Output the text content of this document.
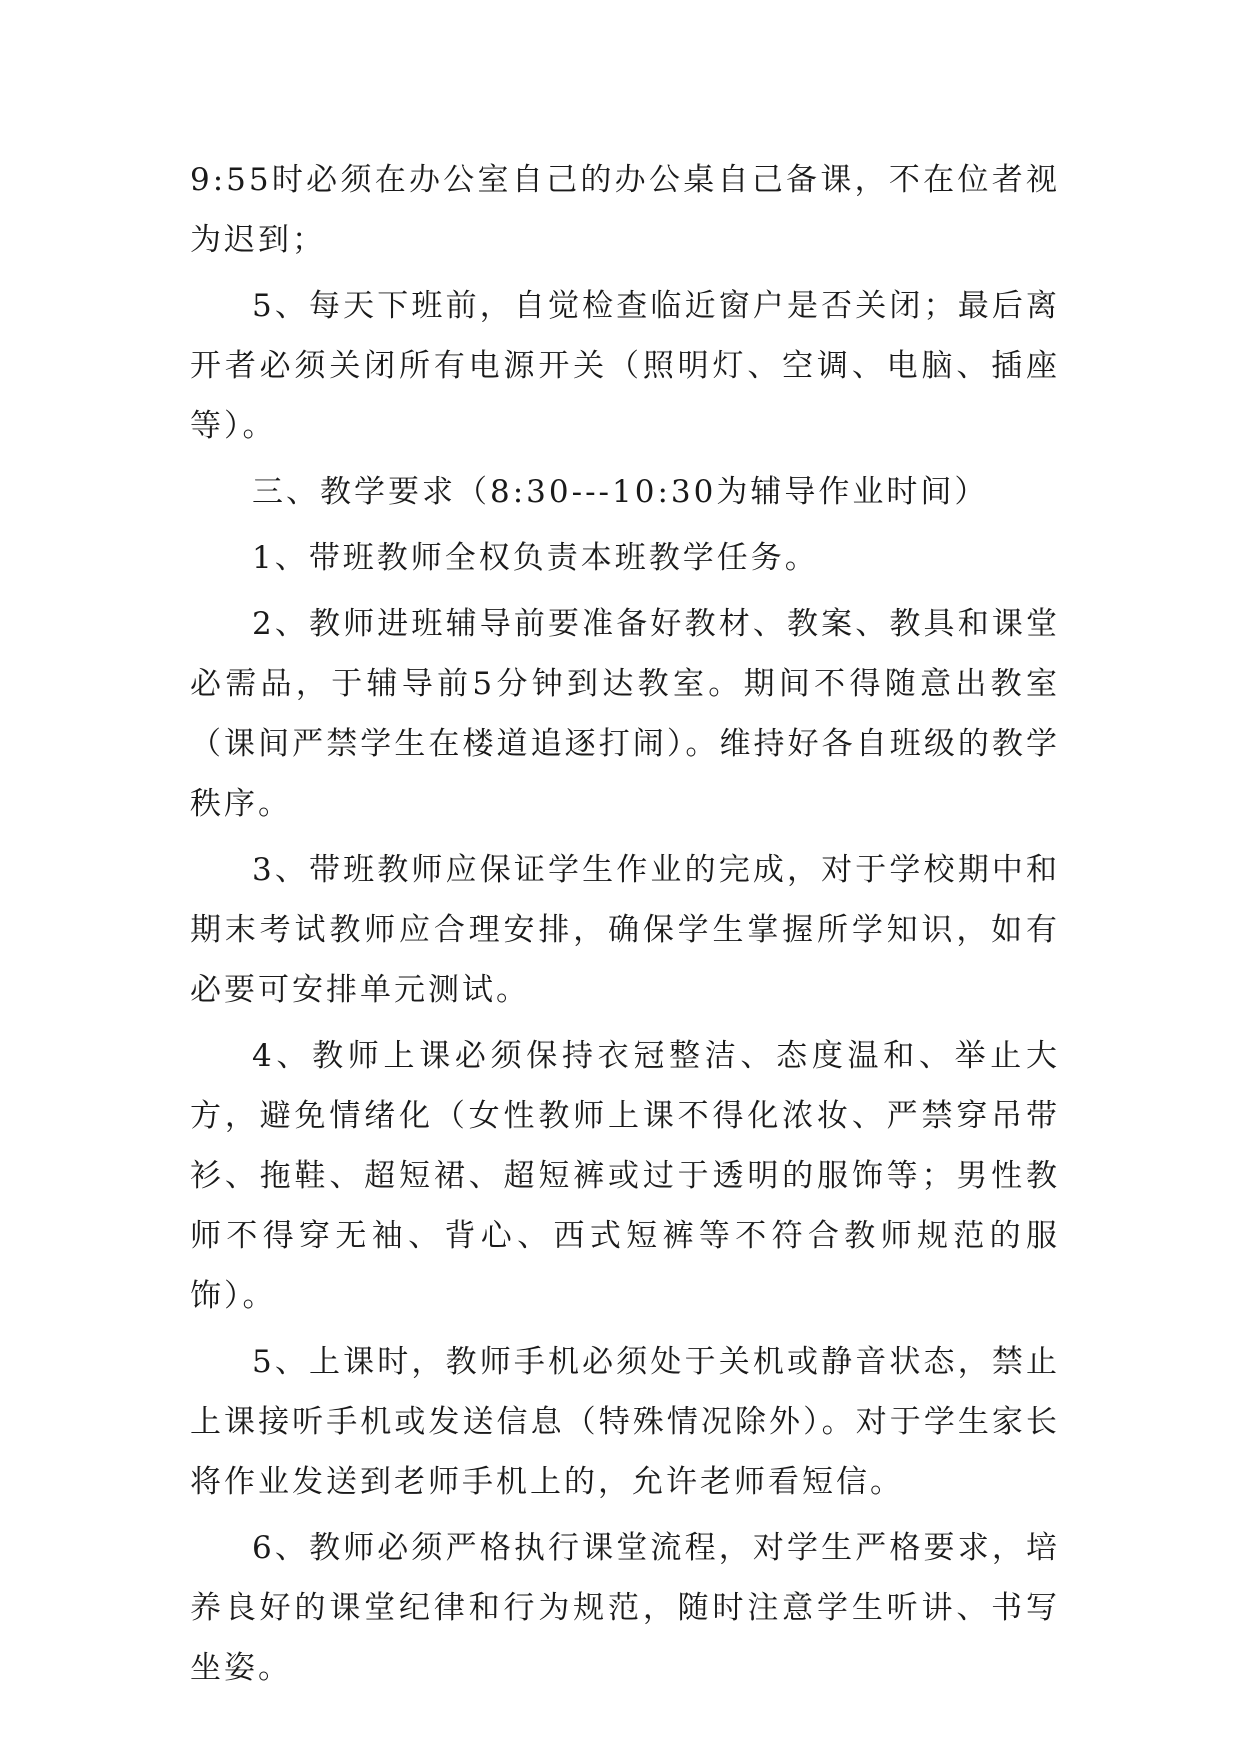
9:55时必须在办公室自己的办公桌自己备课，不在位者视为迟到；

5、每天下班前，自觉检查临近窗户是否关闭；最后离开者必须关闭所有电源开关（照明灯、空调、电脑、插座等）。

三、教学要求（8:30---10:30为辅导作业时间）

1、带班教师全权负责本班教学任务。

2、教师进班辅导前要准备好教材、教案、教具和课堂必需品，于辅导前5分钟到达教室。期间不得随意出教室（课间严禁学生在楼道追逐打闹）。维持好各自班级的教学秩序。

3、带班教师应保证学生作业的完成，对于学校期中和期末考试教师应合理安排，确保学生掌握所学知识，如有必要可安排单元测试。

4、教师上课必须保持衣冠整洁、态度温和、举止大方，避免情绪化（女性教师上课不得化浓妆、严禁穿吊带衫、拖鞋、超短裙、超短裤或过于透明的服饰等；男性教师不得穿无袖、背心、西式短裤等不符合教师规范的服饰）。

5、上课时，教师手机必须处于关机或静音状态，禁止上课接听手机或发送信息（特殊情况除外）。对于学生家长将作业发送到老师手机上的，允许老师看短信。

6、教师必须严格执行课堂流程，对学生严格要求，培养良好的课堂纪律和行为规范，随时注意学生听讲、书写坐姿。
